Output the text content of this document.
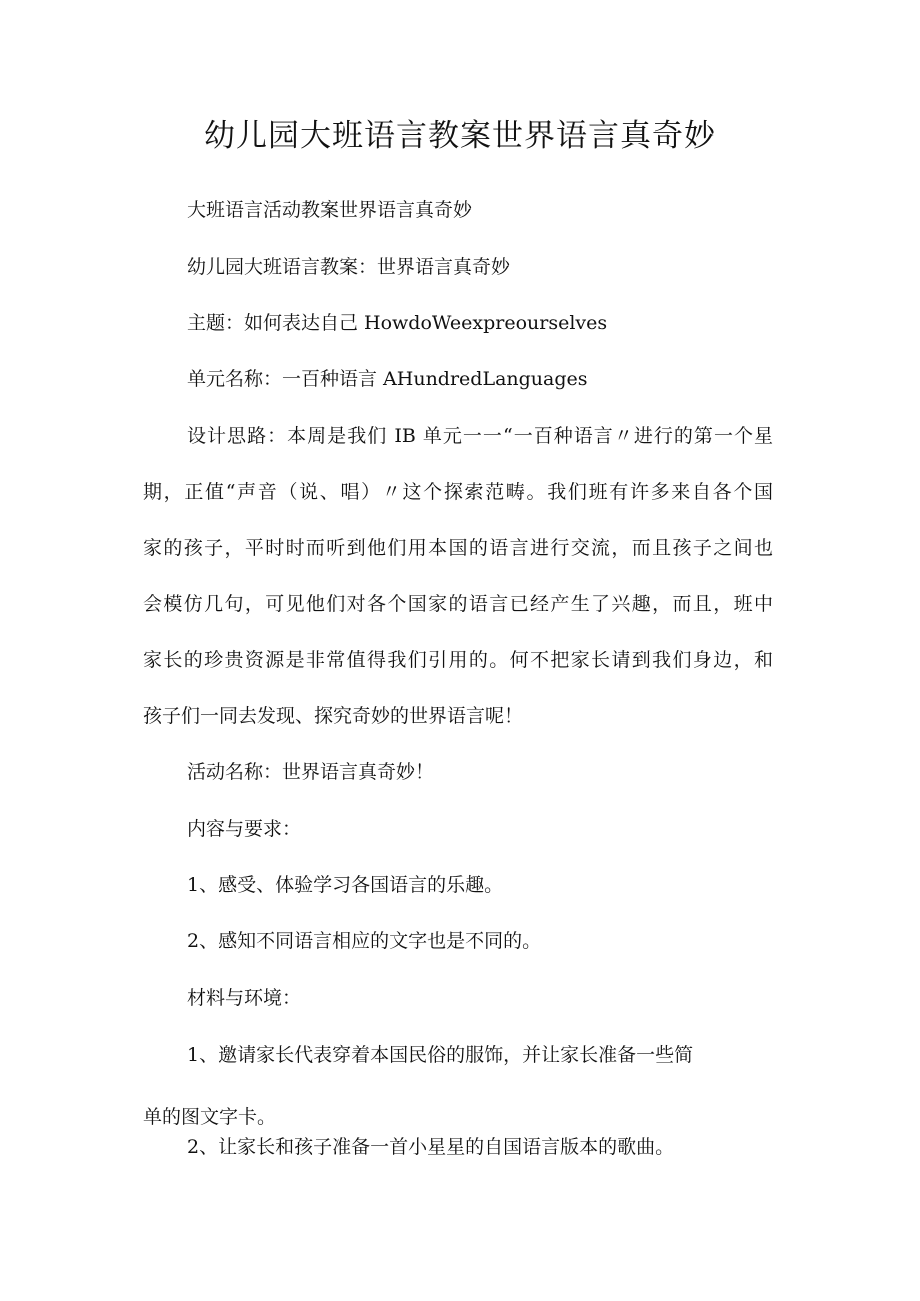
幼儿园大班语言教案世界语言真奇妙

大班语言活动教案世界语言真奇妙

幼儿园大班语言教案：世界语言真奇妙

主题：如何表达自己 HowdoWeexpreourselves

单元名称：一百种语言 AHundredLanguages

设计思路：本周是我们 IB 单元一一“一百种语言〃进行的第一个星

期，正值“声音（说、唱）〃这个探索范畴。我们班有许多来自各个国

家的孩子，平时时而听到他们用本国的语言进行交流，而且孩子之间也

会模仿几句，可见他们对各个国家的语言已经产生了兴趣，而且，班中

家长的珍贵资源是非常值得我们引用的。何不把家长请到我们身边，和

孩子们一同去发现、探究奇妙的世界语言呢！

活动名称：世界语言真奇妙！

内容与要求：

1、感受、体验学习各国语言的乐趣。

2、感知不同语言相应的文字也是不同的。

材料与环境：

1、邀请家长代表穿着本国民俗的服饰，并让家长准备一些简

单的图文字卡。

2、让家长和孩子准备一首小星星的自国语言版本的歌曲。
